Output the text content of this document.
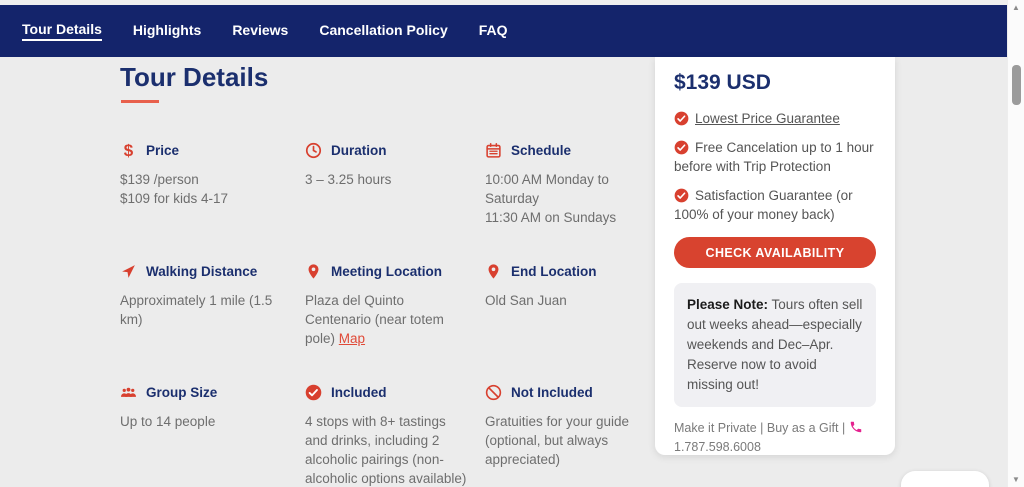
Tour Details Highlights Reviews Cancellation Policy FAQ
Tour Details
$ Price
$139 /person
$109 for kids 4-17
Duration
3 – 3.25 hours
Schedule
10:00 AM Monday to Saturday
11:30 AM on Sundays
Walking Distance
Approximately 1 mile (1.5 km)
Meeting Location
Plaza del Quinto Centenario (near totem pole) Map
End Location
Old San Juan
Group Size
Up to 14 people
Included
4 stops with 8+ tastings and drinks, including 2 alcoholic pairings (non-alcoholic options available)
Not Included
Gratuities for your guide (optional, but always appreciated)
$139 USD
Lowest Price Guarantee
Free Cancelation up to 1 hour before with Trip Protection
Satisfaction Guarantee (or 100% of your money back)
CHECK AVAILABILITY
Please Note: Tours often sell out weeks ahead—especially weekends and Dec–Apr. Reserve now to avoid missing out!
Make it Private | Buy as a Gift |  1.787.598.6008
▲
▼
